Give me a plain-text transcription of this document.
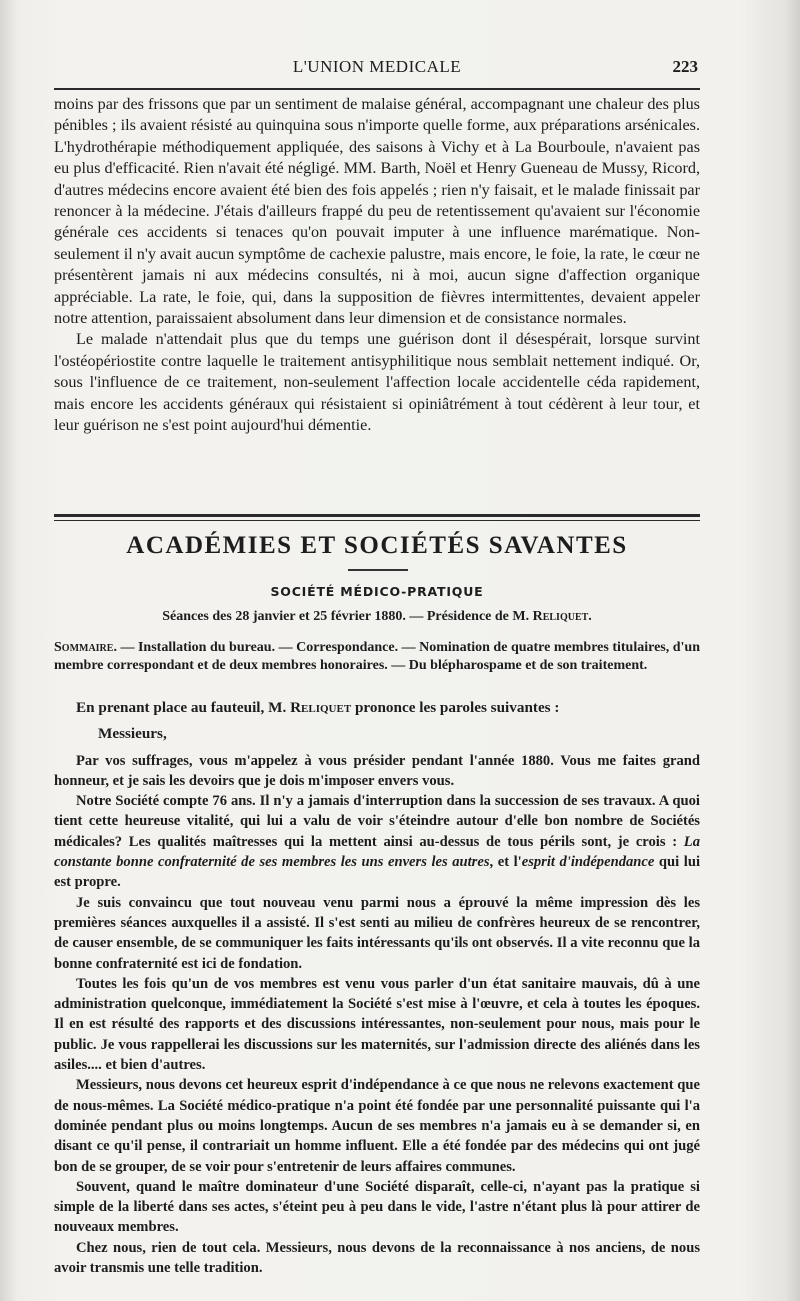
L'UNION MEDICALE	223

moins par des frissons que par un sentiment de malaise général, accompagnant une chaleur des plus pénibles ; ils avaient résisté au quinquina sous n'importe quelle forme, aux préparations arsénicales. L'hydrothérapie méthodiquement appliquée, des saisons à Vichy et à La Bourboule, n'avaient pas eu plus d'efficacité. Rien n'avait été négligé. MM. Barth, Noël et Henry Gueneau de Mussy, Ricord, d'autres médecins encore avaient été bien des fois appelés ; rien n'y faisait, et le malade finissait par renoncer à la médecine. J'étais d'ailleurs frappé du peu de retentissement qu'avaient sur l'économie générale ces accidents si tenaces qu'on pouvait imputer à une influence marématique. Non-seulement il n'y avait aucun symptôme de cachexie palustre, mais encore, le foie, la rate, le cœur ne présentèrent jamais ni aux médecins consultés, ni à moi, aucun signe d'affection organique appréciable. La rate, le foie, qui, dans la supposition de fièvres intermittentes, devaient appeler notre attention, paraissaient absolument dans leur dimension et de consistance normales.

Le malade n'attendait plus que du temps une guérison dont il désespérait, lorsque survint l'ostéopériostite contre laquelle le traitement antisyphilitique nous semblait nettement indiqué. Or, sous l'influence de ce traitement, non-seulement l'affection locale accidentelle céda rapidement, mais encore les accidents généraux qui résistaient si opiniâtrément à tout cédèrent à leur tour, et leur guérison ne s'est point aujourd'hui démentie.

ACADÉMIES ET SOCIÉTÉS SAVANTES
SOCIÉTÉ MÉDICO-PRATIQUE
Séances des 28 janvier et 25 février 1880. — Présidence de M. Reliquet.
Sommaire. — Installation du bureau. — Correspondance. — Nomination de quatre membres titulaires, d'un membre correspondant et de deux membres honoraires. — Du blépharospame et de son traitement.

En prenant place au fauteuil, M. Reliquet prononce les paroles suivantes :

Messieurs,

Par vos suffrages, vous m'appelez à vous présider pendant l'année 1880. Vous me faites grand honneur, et je sais les devoirs que je dois m'imposer envers vous.

Notre Société compte 76 ans. Il n'y a jamais d'interruption dans la succession de ses travaux. A quoi tient cette heureuse vitalité, qui lui a valu de voir s'éteindre autour d'elle bon nombre de Sociétés médicales? Les qualités maîtresses qui la mettent ainsi au-dessus de tous périls sont, je crois : La constante bonne confraternité de ses membres les uns envers les autres, et l'esprit d'indépendance qui lui est propre.

Je suis convaincu que tout nouveau venu parmi nous a éprouvé la même impression dès les premières séances auxquelles il a assisté. Il s'est senti au milieu de confrères heureux de se rencontrer, de causer ensemble, de se communiquer les faits intéressants qu'ils ont observés. Il a vite reconnu que la bonne confraternité est ici de fondation.

Toutes les fois qu'un de vos membres est venu vous parler d'un état sanitaire mauvais, dû à une administration quelconque, immédiatement la Société s'est mise à l'œuvre, et cela à toutes les époques. Il en est résulté des rapports et des discussions intéressantes, non-seulement pour nous, mais pour le public. Je vous rappellerai les discussions sur les maternités, sur l'admission directe des aliénés dans les asiles.... et bien d'autres.

Messieurs, nous devons cet heureux esprit d'indépendance à ce que nous ne relevons exactement que de nous-mêmes. La Société médico-pratique n'a point été fondée par une personnalité puissante qui l'a dominée pendant plus ou moins longtemps. Aucun de ses membres n'a jamais eu à se demander si, en disant ce qu'il pense, il contrariait un homme influent. Elle a été fondée par des médecins qui ont jugé bon de se grouper, de se voir pour s'entretenir de leurs affaires communes.

Souvent, quand le maître dominateur d'une Société disparaît, celle-ci, n'ayant pas la pratique si simple de la liberté dans ses actes, s'éteint peu à peu dans le vide, l'astre n'étant plus là pour attirer de nouveaux membres.

Chez nous, rien de tout cela. Messieurs, nous devons de la reconnaissance à nos anciens, de nous avoir transmis une telle tradition.
